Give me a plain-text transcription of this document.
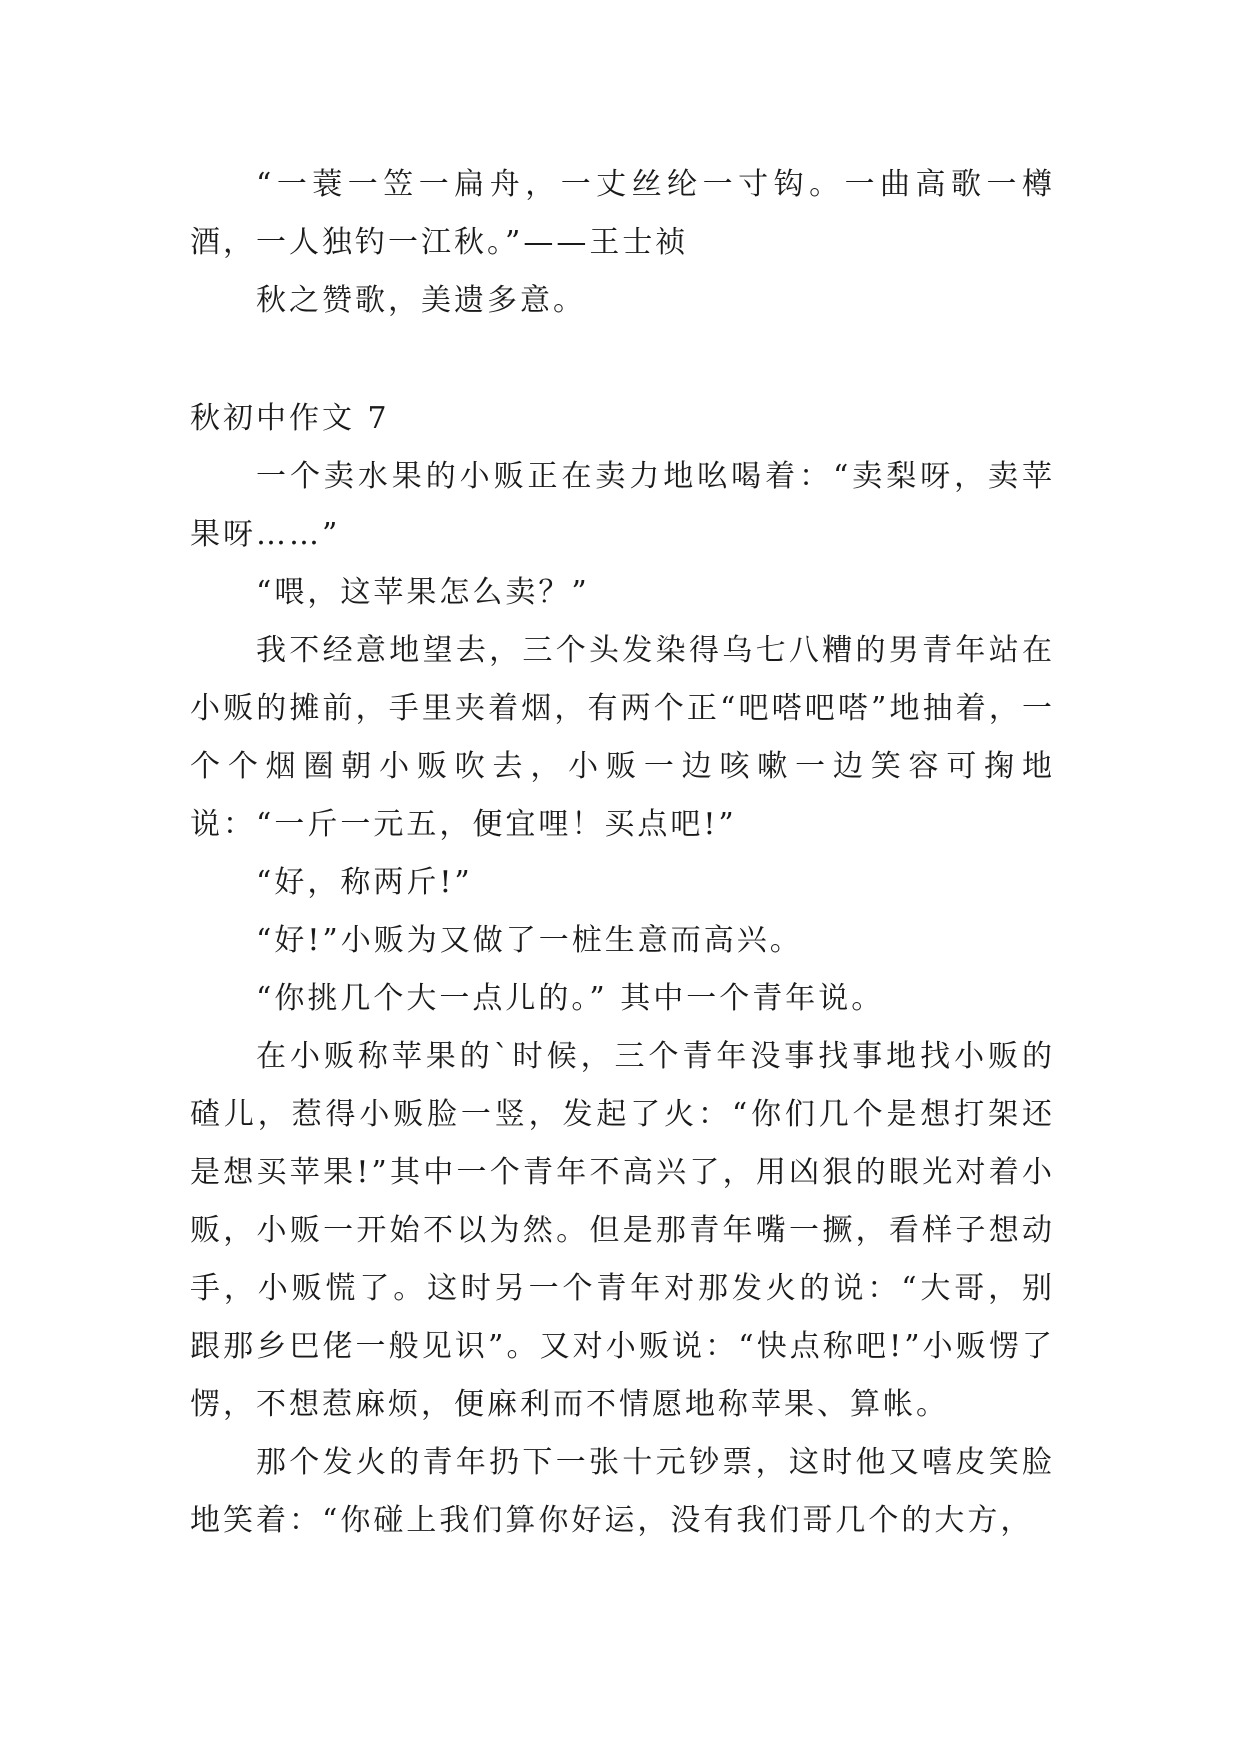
“一蓑一笠一扁舟，一丈丝纶一寸钩。一曲高歌一樽酒，一人独钓一江秋。”——王士祯

秋之赞歌，美遗多意。

秋初中作文 7

一个卖水果的小贩正在卖力地吆喝着：“卖梨呀，卖苹果呀……”

“喂，这苹果怎么卖？”

我不经意地望去，三个头发染得乌七八糟的男青年站在小贩的摊前，手里夹着烟，有两个正“吧嗒吧嗒”地抽着，一个个烟圈朝小贩吹去，小贩一边咳嗽一边笑容可掬地说：“一斤一元五，便宜哩！买点吧!”

“好，称两斤!”

“好!”小贩为又做了一桩生意而高兴。

“你挑几个大一点儿的。” 其中一个青年说。

在小贩称苹果的`时候，三个青年没事找事地找小贩的碴儿，惹得小贩脸一竖，发起了火：“你们几个是想打架还是想买苹果!”其中一个青年不高兴了，用凶狠的眼光对着小贩，小贩一开始不以为然。但是那青年嘴一撅，看样子想动手，小贩慌了。这时另一个青年对那发火的说：“大哥，别跟那乡巴佬一般见识”。又对小贩说：“快点称吧!”小贩愣了愣，不想惹麻烦，便麻利而不情愿地称苹果、算帐。

那个发火的青年扔下一张十元钞票，这时他又嘻皮笑脸地笑着：“你碰上我们算你好运，没有我们哥几个的大方，
